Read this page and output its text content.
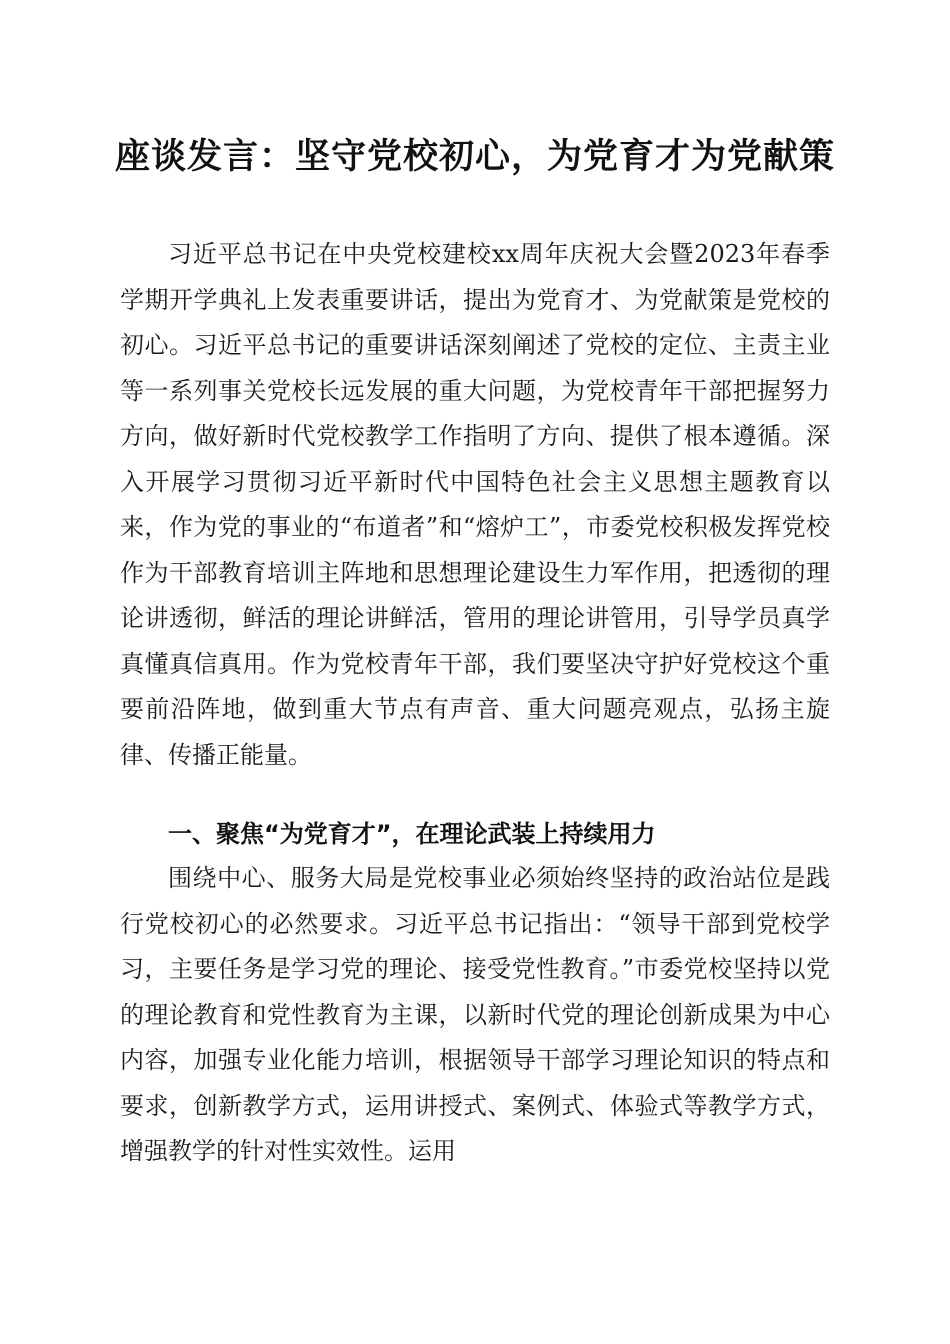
座谈发言：坚守党校初心，为党育才为党献策

习近平总书记在中央党校建校xx周年庆祝大会暨2023年春季学期开学典礼上发表重要讲话，提出为党育才、为党献策是党校的初心。习近平总书记的重要讲话深刻阐述了党校的定位、主责主业等一系列事关党校长远发展的重大问题，为党校青年干部把握努力方向，做好新时代党校教学工作指明了方向、提供了根本遵循。深入开展学习贯彻习近平新时代中国特色社会主义思想主题教育以来，作为党的事业的“布道者”和“熔炉工”，市委党校积极发挥党校作为干部教育培训主阵地和思想理论建设生力军作用，把透彻的理论讲透彻，鲜活的理论讲鲜活，管用的理论讲管用，引导学员真学真懂真信真用。作为党校青年干部，我们要坚决守护好党校这个重要前沿阵地，做到重大节点有声音、重大问题亮观点，弘扬主旋律、传播正能量。

一、聚焦“为党育才”，在理论武装上持续用力

围绕中心、服务大局是党校事业必须始终坚持的政治站位是践行党校初心的必然要求。习近平总书记指出：“领导干部到党校学习，主要任务是学习党的理论、接受党性教育。”市委党校坚持以党的理论教育和党性教育为主课，以新时代党的理论创新成果为中心内容，加强专业化能力培训，根据领导干部学习理论知识的特点和要求，创新教学方式，运用讲授式、案例式、体验式等教学方式，增强教学的针对性实效性。运用
